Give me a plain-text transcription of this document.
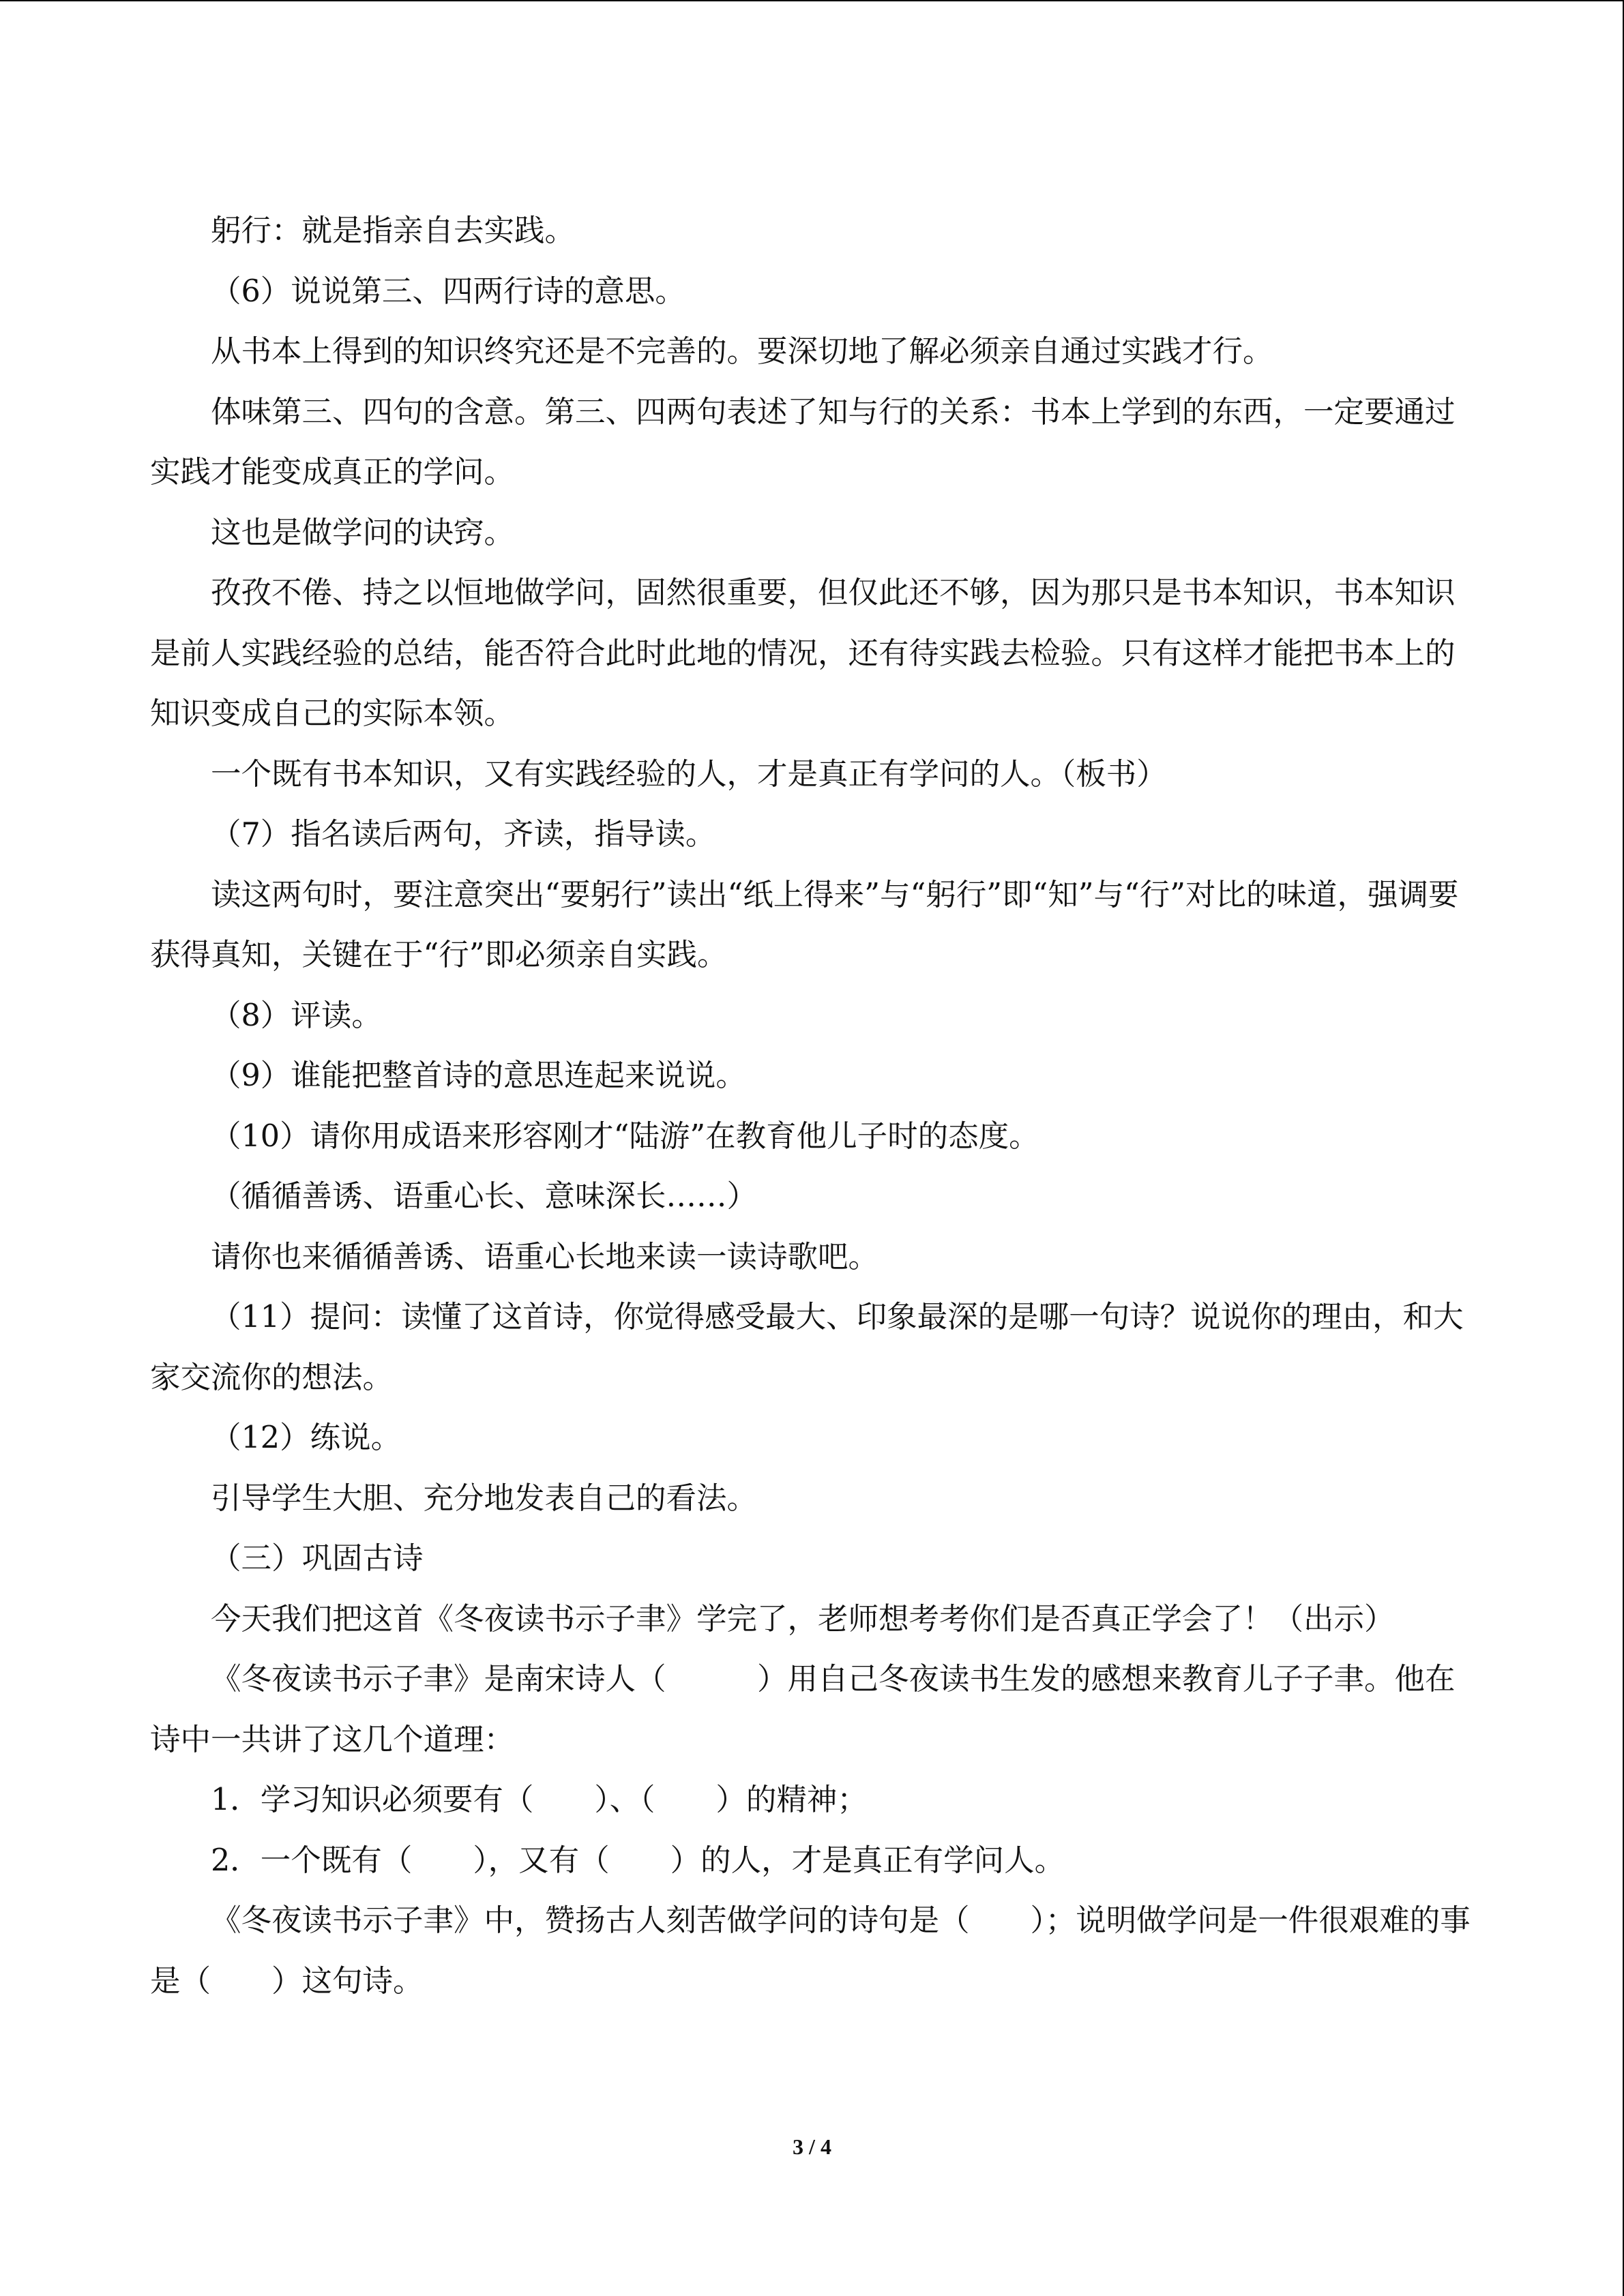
躬行：就是指亲自去实践。

（6）说说第三、四两行诗的意思。

从书本上得到的知识终究还是不完善的。要深切地了解必须亲自通过实践才行。

体味第三、四句的含意。第三、四两句表述了知与行的关系：书本上学到的东西，一定要通过实践才能变成真正的学问。

这也是做学问的诀窍。

孜孜不倦、持之以恒地做学问，固然很重要，但仅此还不够，因为那只是书本知识，书本知识是前人实践经验的总结，能否符合此时此地的情况，还有待实践去检验。只有这样才能把书本上的知识变成自己的实际本领。

一个既有书本知识，又有实践经验的人，才是真正有学问的人。（板书）

（7）指名读后两句，齐读，指导读。

读这两句时，要注意突出“要躬行”读出“纸上得来”与“躬行”即“知”与“行”对比的味道，强调要获得真知，关键在于“行”即必须亲自实践。

（8）评读。

（9）谁能把整首诗的意思连起来说说。

（10）请你用成语来形容刚才“陆游”在教育他儿子时的态度。

（循循善诱、语重心长、意味深长……）

请你也来循循善诱、语重心长地来读一读诗歌吧。

（11）提问：读懂了这首诗，你觉得感受最大、印象最深的是哪一句诗？说说你的理由，和大家交流你的想法。

（12）练说。

引导学生大胆、充分地发表自己的看法。

（三）巩固古诗

今天我们把这首《冬夜读书示子聿》学完了，老师想考考你们是否真正学会了！（出示）

《冬夜读书示子聿》是南宋诗人（　　　）用自己冬夜读书生发的感想来教育儿子子聿。他在诗中一共讲了这几个道理：

1．学习知识必须要有（　　）、（　　）的精神；

2．一个既有（　　），又有（　　）的人，才是真正有学问人。

《冬夜读书示子聿》中，赞扬古人刻苦做学问的诗句是（　　）；说明做学问是一件很艰难的事是（　　）这句诗。

3 / 4
